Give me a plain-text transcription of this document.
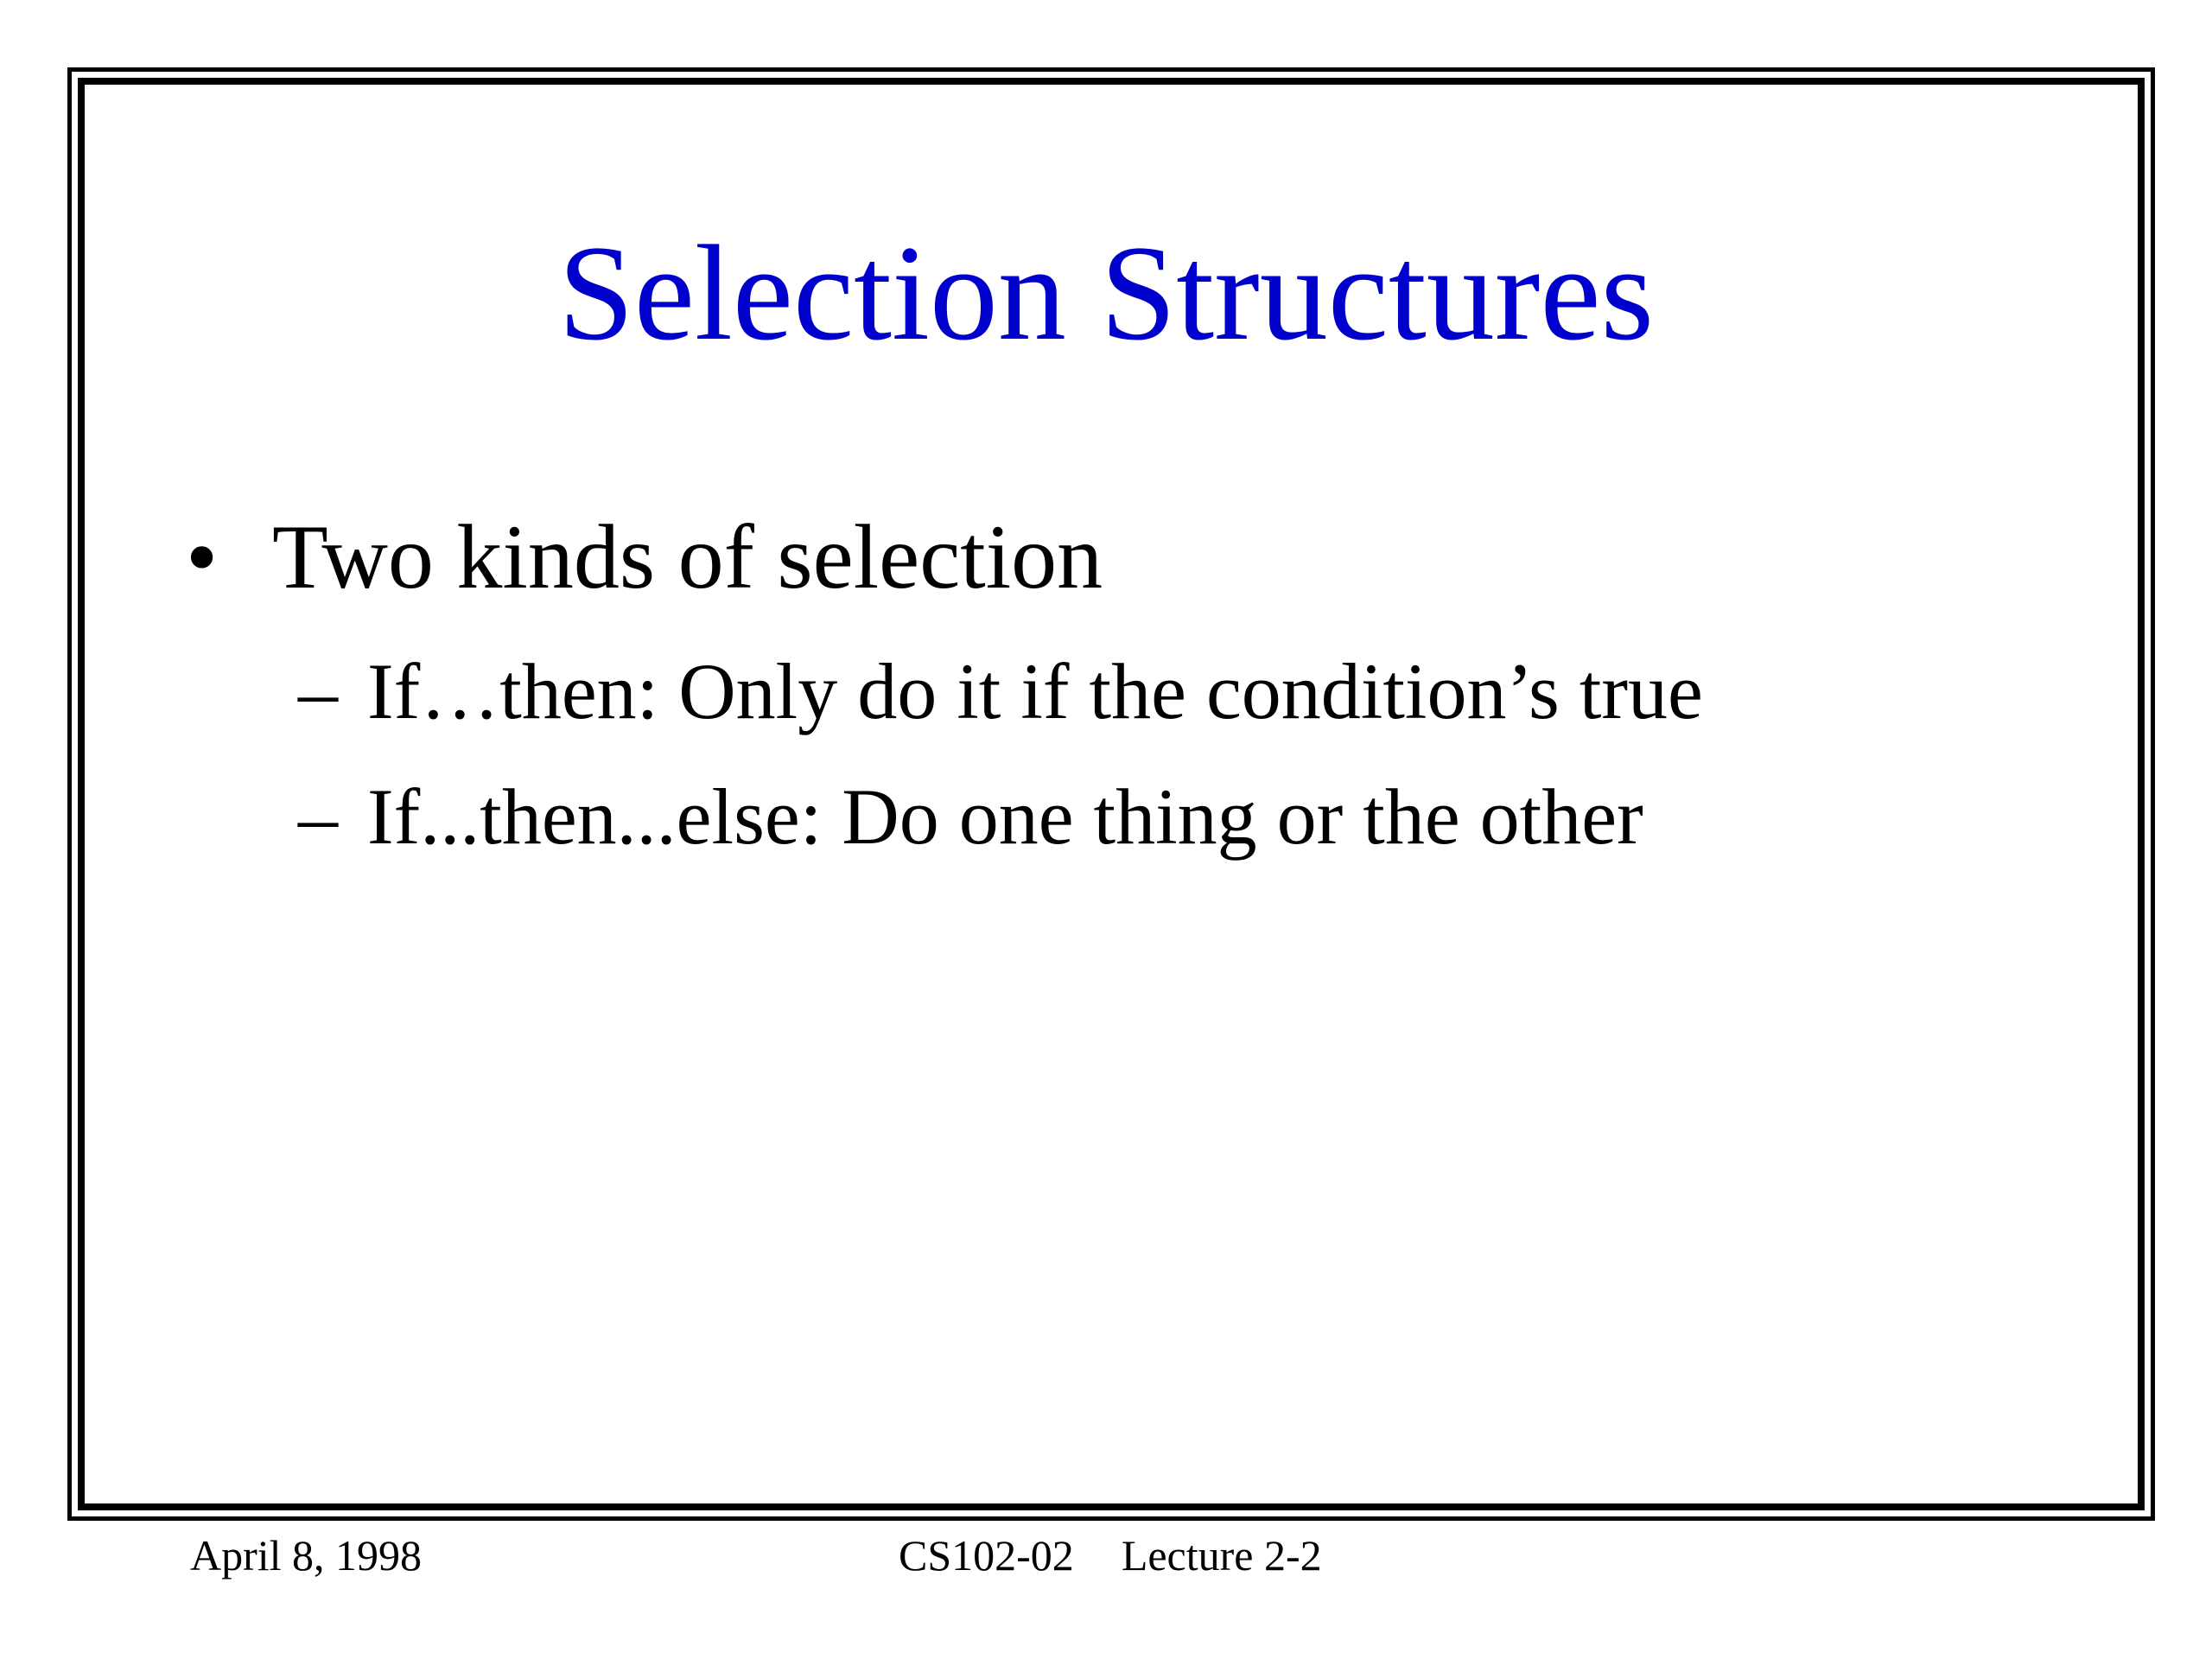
Selection Structures
• Two kinds of selection
– If…then: Only do it if the condition’s true
– If...then...else: Do one thing or the other
April 8, 1998	CS102-02 Lecture 2-2
